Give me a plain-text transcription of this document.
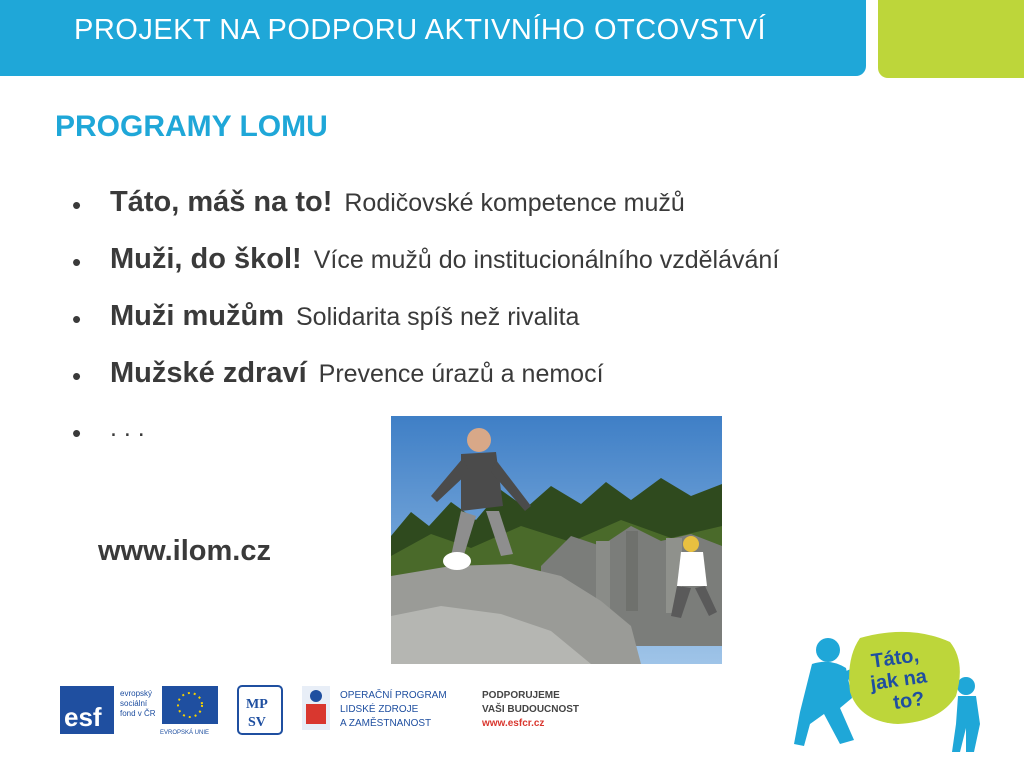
PROJEKT NA PODPORU AKTIVNÍHO OTCOVSTVÍ
PROGRAMY LOMU
• Táto, máš na to! Rodičovské kompetence mužů
• Muži, do škol! Více mužů do institucionálního vzdělávání
• Muži mužům Solidarita spíš než rivalita
• Mužské zdraví Prevence úrazů a nemocí
• . . .
www.ilom.cz
esf
evropský
sociální
fond v ČR
EVROPSKÁ UNIE
MP
SV
OPERAČNÍ PROGRAM
LIDSKÉ ZDROJE
A ZAMĚSTNANOST
PODPORUJEME
VAŠI BUDOUCNOST
www.esfcr.cz
Táto,
jak na
to?
